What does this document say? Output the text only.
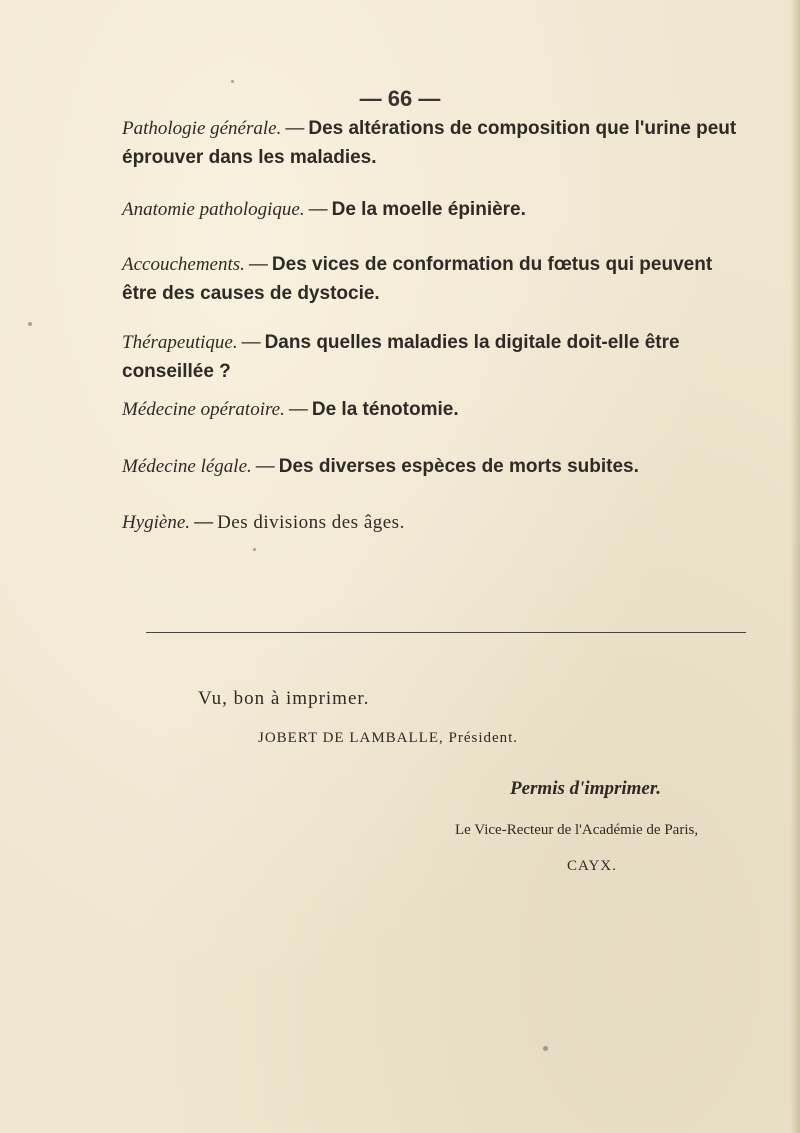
— 66 —
Pathologie générale. — Des altérations de composition que l'urine peut éprouver dans les maladies.
Anatomie pathologique. — De la moelle épinière.
Accouchements. — Des vices de conformation du fœtus qui peuvent être des causes de dystocie.
Thérapeutique. — Dans quelles maladies la digitale doit-elle être conseillée ?
Médecine opératoire. — De la ténotomie.
Médecine légale. — Des diverses espèces de morts subites.
Hygiène. — Des divisions des âges.
Vu, bon à imprimer.
JOBERT DE LAMBALLE, Président.
Permis d'imprimer.
Le Vice-Recteur de l'Académie de Paris,
CAYX.
